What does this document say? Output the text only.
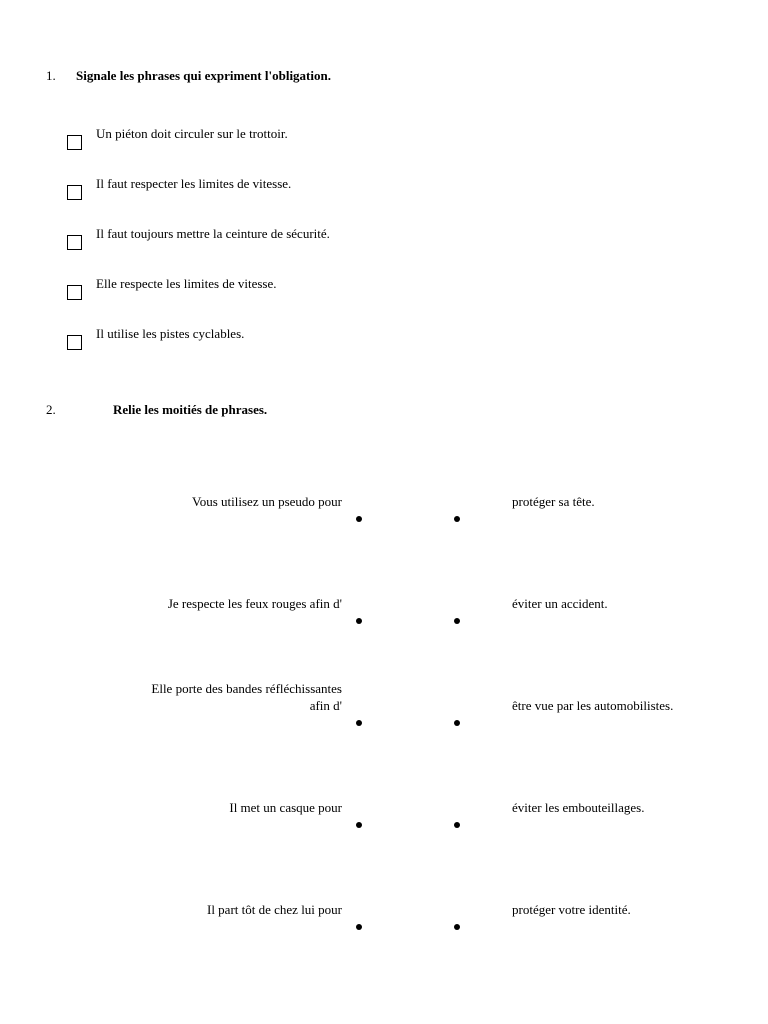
1. Signale les phrases qui expriment l'obligation.
Un piéton doit circuler sur le trottoir.
Il faut respecter les limites de vitesse.
Il faut toujours mettre la ceinture de sécurité.
Elle respecte les limites de vitesse.
Il utilise les pistes cyclables.
2.	Relie les moitiés de phrases.
Vous utilisez un pseudo pour	protéger sa tête.
Je respecte les feux rouges afin d'	éviter un accident.
Elle porte des bandes réfléchissantes
afin d'	être vue par les automobilistes.
Il met un casque pour	éviter les embouteillages.
Il part tôt de chez lui pour	protéger votre identité.
